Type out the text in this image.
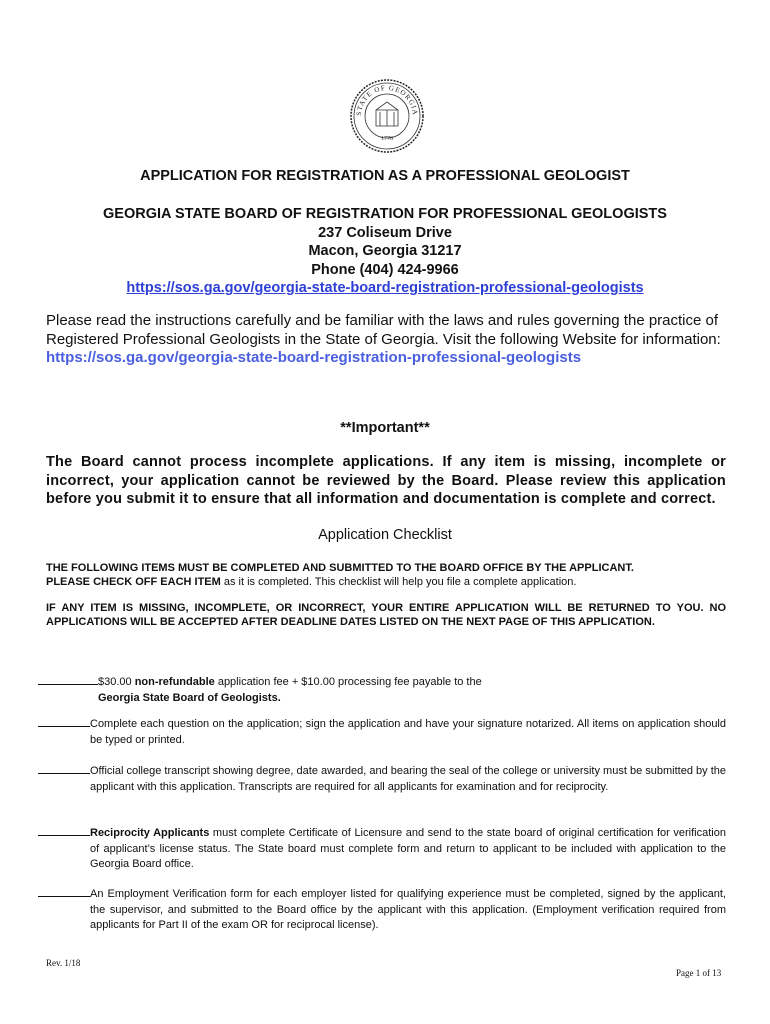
STATE OF GEORGIA
1776
APPLICATION FOR REGISTRATION AS A PROFESSIONAL GEOLOGIST
GEORGIA STATE BOARD OF REGISTRATION FOR PROFESSIONAL GEOLOGISTS
237 Coliseum Drive
Macon, Georgia 31217
Phone (404) 424-9966
https://sos.ga.gov/georgia-state-board-registration-professional-geologists
Please read the instructions carefully and be familiar with the laws and rules governing the practice of Registered Professional Geologists in the State of Georgia. Visit the following Website for information: https://sos.ga.gov/georgia-state-board-registration-professional-geologists
**Important**
The Board cannot process incomplete applications. If any item is missing, incomplete or incorrect, your application cannot be reviewed by the Board. Please review this application before you submit it to ensure that all information and documentation is complete and correct.
Application Checklist
THE FOLLOWING ITEMS MUST BE COMPLETED AND SUBMITTED TO THE BOARD OFFICE BY THE APPLICANT.
PLEASE CHECK OFF EACH ITEM as it is completed. This checklist will help you file a complete application.
IF ANY ITEM IS MISSING, INCOMPLETE, OR INCORRECT, YOUR ENTIRE APPLICATION WILL BE RETURNED TO YOU. NO APPLICATIONS WILL BE ACCEPTED AFTER DEADLINE DATES LISTED ON THE NEXT PAGE OF THIS APPLICATION.
$30.00 non-refundable application fee + $10.00 processing fee payable to the
Georgia State Board of Geologists.
Complete each question on the application; sign the application and have your signature notarized. All items on application should be typed or printed.
Official college transcript showing degree, date awarded, and bearing the seal of the college or university must be submitted by the applicant with this application. Transcripts are required for all applicants for examination and for reciprocity.
Reciprocity Applicants must complete Certificate of Licensure and send to the state board of original certification for verification of applicant’s license status. The State board must complete form and return to applicant to be included with application to the Georgia Board office.
An Employment Verification form for each employer listed for qualifying experience must be completed, signed by the applicant, the supervisor, and submitted to the Board office by the applicant with this application. (Employment verification required from applicants for Part II of the exam OR for reciprocal license).
Rev. 1/18
Page 1 of 13
